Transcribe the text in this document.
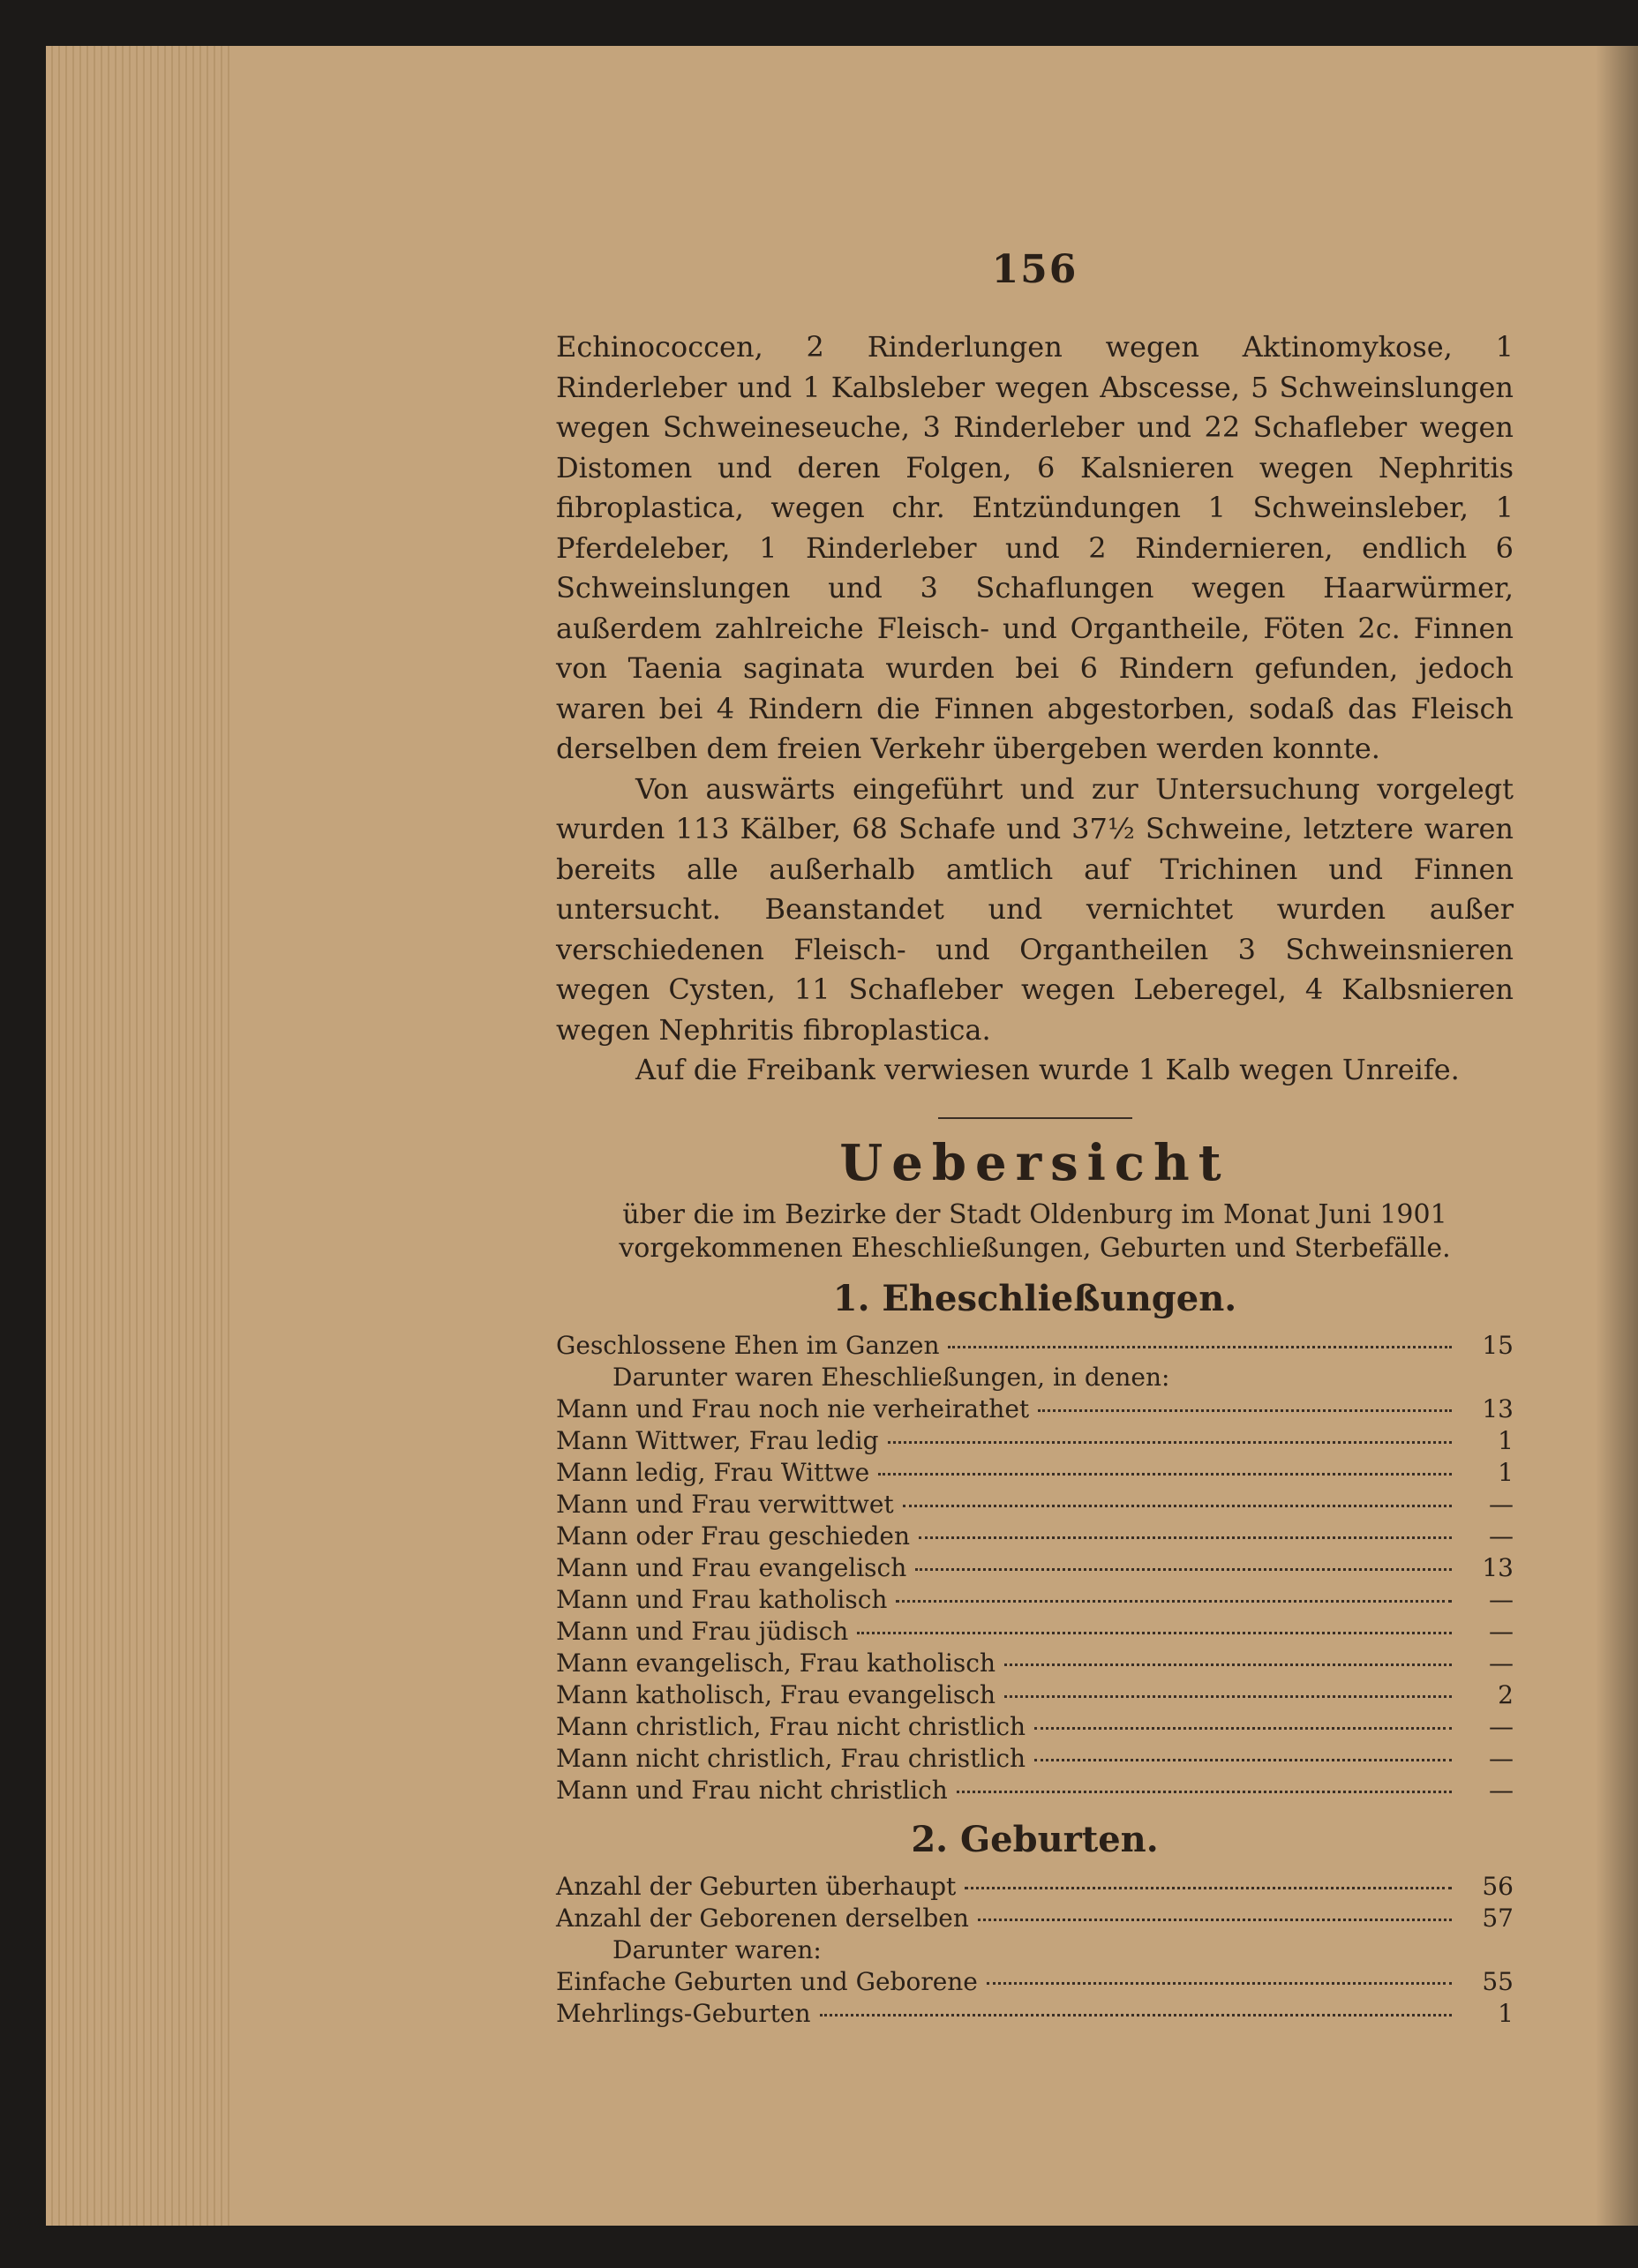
156

Echinococcen, 2 Rinderlungen wegen Aktinomykose, 1 Rinderleber und 1 Kalbsleber wegen Abscesse, 5 Schweinslungen wegen Schweineseuche, 3 Rinderleber und 22 Schafleber wegen Distomen und deren Folgen, 6 Kalsnieren wegen Nephritis fibroplastica, wegen chr. Entzündungen 1 Schweinsleber, 1 Pferdeleber, 1 Rinderleber und 2 Rindernieren, endlich 6 Schweinslungen und 3 Schaflungen wegen Haarwürmer, außerdem zahlreiche Fleisch- und Organtheile, Föten 2c. Finnen von Taenia saginata wurden bei 6 Rindern gefunden, jedoch waren bei 4 Rindern die Finnen abgestorben, sodaß das Fleisch derselben dem freien Verkehr übergeben werden konnte.

Von auswärts eingeführt und zur Untersuchung vorgelegt wurden 113 Kälber, 68 Schafe und 37½ Schweine, letztere waren bereits alle außerhalb amtlich auf Trichinen und Finnen untersucht. Beanstandet und vernichtet wurden außer verschiedenen Fleisch- und Organtheilen 3 Schweinsnieren wegen Cysten, 11 Schafleber wegen Leberegel, 4 Kalbsnieren wegen Nephritis fibroplastica.

Auf die Freibank verwiesen wurde 1 Kalb wegen Unreife.

Uebersicht
über die im Bezirke der Stadt Oldenburg im Monat Juni 1901 vorgekommenen Eheschließungen, Geburten und Sterbefälle.
1. Eheschließungen.
Geschlossene Ehen im Ganzen	15
Darunter waren Eheschließungen, in denen:
Mann und Frau noch nie verheirathet	13
Mann Wittwer, Frau ledig	1
Mann ledig, Frau Wittwe	1
Mann und Frau verwittwet	—
Mann oder Frau geschieden	—
Mann und Frau evangelisch	13
Mann und Frau katholisch	—
Mann und Frau jüdisch	—
Mann evangelisch, Frau katholisch	—
Mann katholisch, Frau evangelisch	2
Mann christlich, Frau nicht christlich	—
Mann nicht christlich, Frau christlich	—
Mann und Frau nicht christlich	—
2. Geburten.
Anzahl der Geburten überhaupt	56
Anzahl der Geborenen derselben	57
Darunter waren:
Einfache Geburten und Geborene	55
Mehrlings-Geburten	1
